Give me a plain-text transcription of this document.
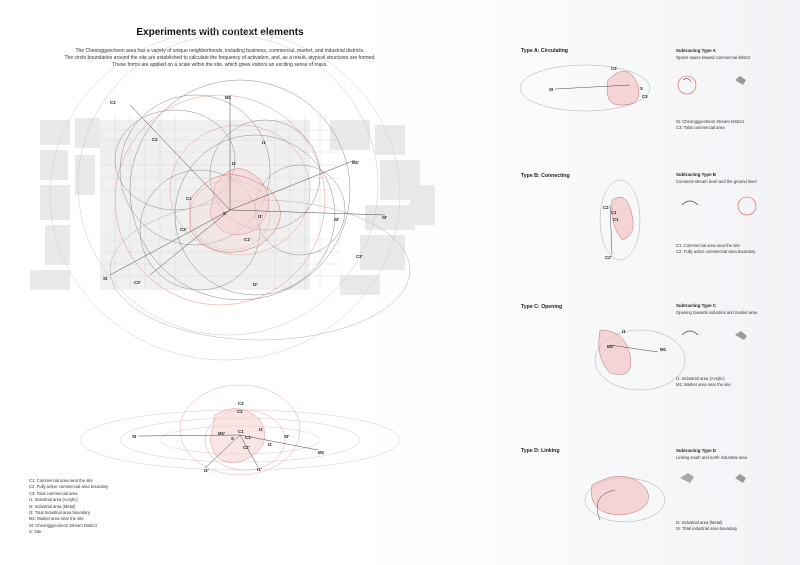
Experiments with context elements

The Cheonggyecheon area has a variety of unique neighborhoods, including business, commercial, market, and industrial districts.

The circle boundaries around the site are established to calculate the frequency of activation, and, as a result, atypical structures are formed.

These forms are applied on a scale within the site, which gives visitors an exciting sense of mass.

C3
M1
C2
I1
I2	M1'
C1
S
C2'
C1'
I1'
SI'	SI'
C3'
I2'
C3'
St
C3
C2
SI
M1'	C1
C1'
I1
S
C2'
SI'
M1
I2
I2'	I1'
C3
SI	S
C3
C2
C1
C1
C2'
I1
M1'
M1
C1: Commercial area near the site
C2: Fully active commercial area boundary
C3: Total commercial area
I1: Industrial area (Acrylic)
I2: Industrial area (Metal)
I3: Total Industrial area boundary
M1: Market area near the site
SI: Cheonggyecheon Stream District
S: Site
Type A: Circulating	Subtracting Type A
Opens space toward commercial district
SI: Cheonggyecheon Stream District
C3: Total commercial area
Type B: Connecting	Subtracting Type B
Connects stream level and the ground level
C1: Commercial area near the site
C2: Fully active commercial area boundary
Type C: Opening	Subtracting Type C
Opening towards industrial and market area
I1: Industrial area (Acrylic)
M1: Market area near the site
Type D: Linking	Subtracting Type D
Linking south and north industrial area
I2: Industrial area (Metal)
SI: Total industrial area boundary
